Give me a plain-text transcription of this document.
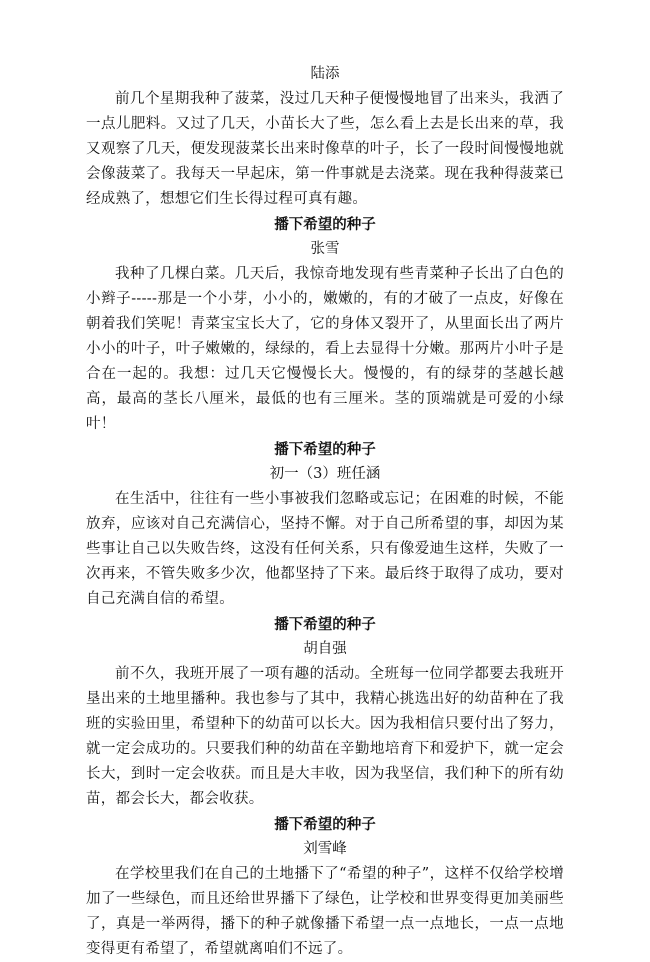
陆添

前几个星期我种了菠菜，没过几天种子便慢慢地冒了出来头，我洒了一点儿肥料。又过了几天，小苗长大了些，怎么看上去是长出来的草，我又观察了几天，便发现菠菜长出来时像草的叶子，长了一段时间慢慢地就会像菠菜了。我每天一早起床，第一件事就是去浇菜。现在我种得菠菜已经成熟了，想想它们生长得过程可真有趣。

播下希望的种子

张雪

我种了几棵白菜。几天后，我惊奇地发现有些青菜种子长出了白色的小辫子-----那是一个小芽，小小的，嫩嫩的，有的才破了一点皮，好像在朝着我们笑呢！青菜宝宝长大了，它的身体又裂开了，从里面长出了两片小小的叶子，叶子嫩嫩的，绿绿的，看上去显得十分嫩。那两片小叶子是合在一起的。我想：过几天它慢慢长大。慢慢的，有的绿芽的茎越长越高，最高的茎长八厘米，最低的也有三厘米。茎的顶端就是可爱的小绿叶！

播下希望的种子

初一（3）班任涵

在生活中，往往有一些小事被我们忽略或忘记；在困难的时候，不能放弃，应该对自己充满信心，坚持不懈。对于自己所希望的事，却因为某些事让自己以失败告终，这没有任何关系，只有像爱迪生这样，失败了一次再来，不管失败多少次，他都坚持了下来。最后终于取得了成功，要对自己充满自信的希望。

播下希望的种子

胡自强

前不久，我班开展了一项有趣的活动。全班每一位同学都要去我班开垦出来的土地里播种。我也参与了其中，我精心挑选出好的幼苗种在了我班的实验田里，希望种下的幼苗可以长大。因为我相信只要付出了努力，就一定会成功的。只要我们种的幼苗在辛勤地培育下和爱护下，就一定会长大，到时一定会收获。而且是大丰收，因为我坚信，我们种下的所有幼苗，都会长大，都会收获。

播下希望的种子

刘雪峰

在学校里我们在自己的土地播下了“希望的种子”，这样不仅给学校增加了一些绿色，而且还给世界播下了绿色，让学校和世界变得更加美丽些了，真是一举两得，播下的种子就像播下希望一点一点地长，一点一点地变得更有希望了，希望就离咱们不远了。
